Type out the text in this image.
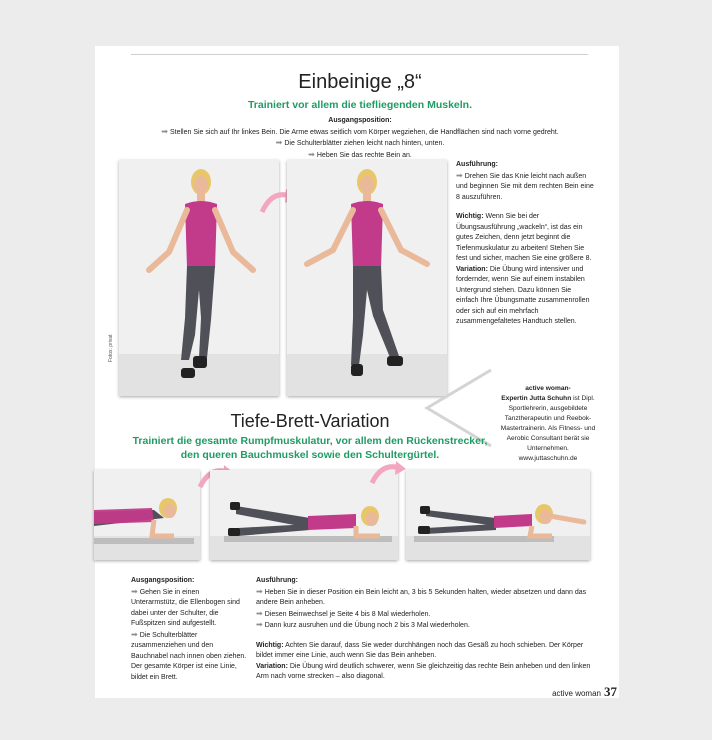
Einbeinige „8“
Trainiert vor allem die tiefliegenden Muskeln.

Ausgangsposition:

➡ Stellen Sie sich auf Ihr linkes Bein. Die Arme etwas seitlich vom Körper wegziehen, die Handflächen sind nach vorne gedreht.

➡ Die Schulterblätter ziehen leicht nach hinten, unten.

➡ Heben Sie das rechte Bein an.

Fotos: privat

Ausführung:

➡ Drehen Sie das Knie leicht nach außen und beginnen Sie mit dem rechten Bein eine 8 auszuführen.

Wichtig: Wenn Sie bei der Übungsausführung „wackeln“, ist das ein gutes Zeichen, denn jetzt beginnt die Tiefenmuskulatur zu arbeiten! Stehen Sie fest und sicher, machen Sie eine größere 8.

Variation: Die Übung wird intensiver und fordernder, wenn Sie auf einem instabilen Untergrund stehen. Dazu können Sie einfach Ihre Übungsmatte zusammenrollen oder sich auf ein mehrfach zusammengefaltetes Handtuch stellen.

active woman-

Expertin Jutta Schuhn ist Dipl. Sportlehrerin, ausgebildete Tanztherapeutin und Reebok-Mastertrainerin. Als Fitness- und Aerobic Consultant berät sie Unternehmen.

www.juttaschuhn.de

Tiefe-Brett-Variation

Trainiert die gesamte Rumpfmuskulatur, vor allem den Rückenstrecker,

den queren Bauchmuskel sowie den Schultergürtel.

Ausgangsposition:

➡ Gehen Sie in einen Unterarmstütz, die Ellenbogen sind dabei unter der Schulter, die Fußspitzen sind aufgestellt.

➡ Die Schulterblätter zusammenziehen und den Bauchnabel nach innen oben ziehen. Der gesamte Körper ist eine Linie, bildet ein Brett.

Ausführung:

➡ Heben Sie in dieser Position ein Bein leicht an, 3 bis 5 Sekunden halten, wieder absetzen und dann das andere Bein anheben.

➡ Diesen Beinwechsel je Seite 4 bis 8 Mal wiederholen.

➡ Dann kurz ausruhen und die Übung noch 2 bis 3 Mal wiederholen.

Wichtig: Achten Sie darauf, dass Sie weder durchhängen noch das Gesäß zu hoch schieben. Der Körper bildet immer eine Linie, auch wenn Sie das Bein anheben.

Variation: Die Übung wird deutlich schwerer, wenn Sie gleichzeitig das rechte Bein anheben und den linken Arm nach vorne strecken – also diagonal.

active woman 37
